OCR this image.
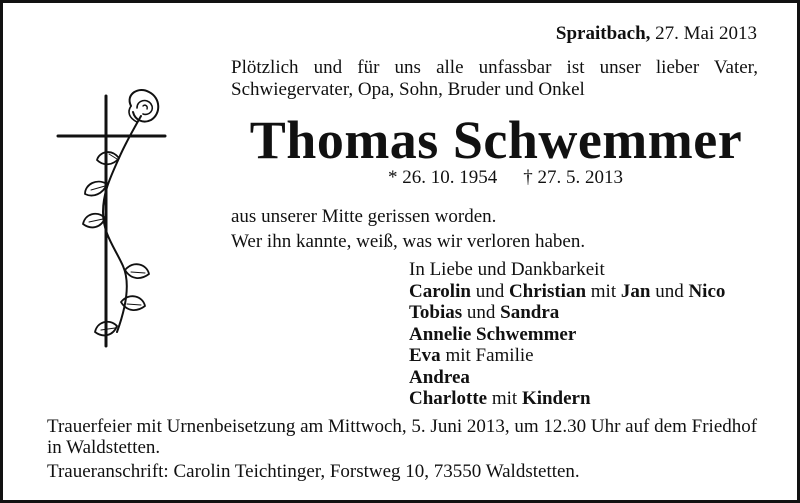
Spraitbach, 27. Mai 2013
Plötzlich und für uns alle unfassbar ist unser lieber Vater, Schwiegervater, Opa, Sohn, Bruder und Onkel
Thomas Schwemmer
* 26. 10. 1954 † 27. 5. 2013
aus unserer Mitte gerissen worden.
Wer ihn kannte, weiß, was wir verloren haben.
In Liebe und Dankbarkeit
Carolin und Christian mit Jan und Nico
Tobias und Sandra
Annelie Schwemmer
Eva mit Familie
Andrea
Charlotte mit Kindern
Trauerfeier mit Urnenbeisetzung am Mittwoch, 5. Juni 2013, um 12.30 Uhr auf dem Friedhof in Waldstetten.
Traueranschrift: Carolin Teichtinger, Forstweg 10, 73550 Waldstetten.
